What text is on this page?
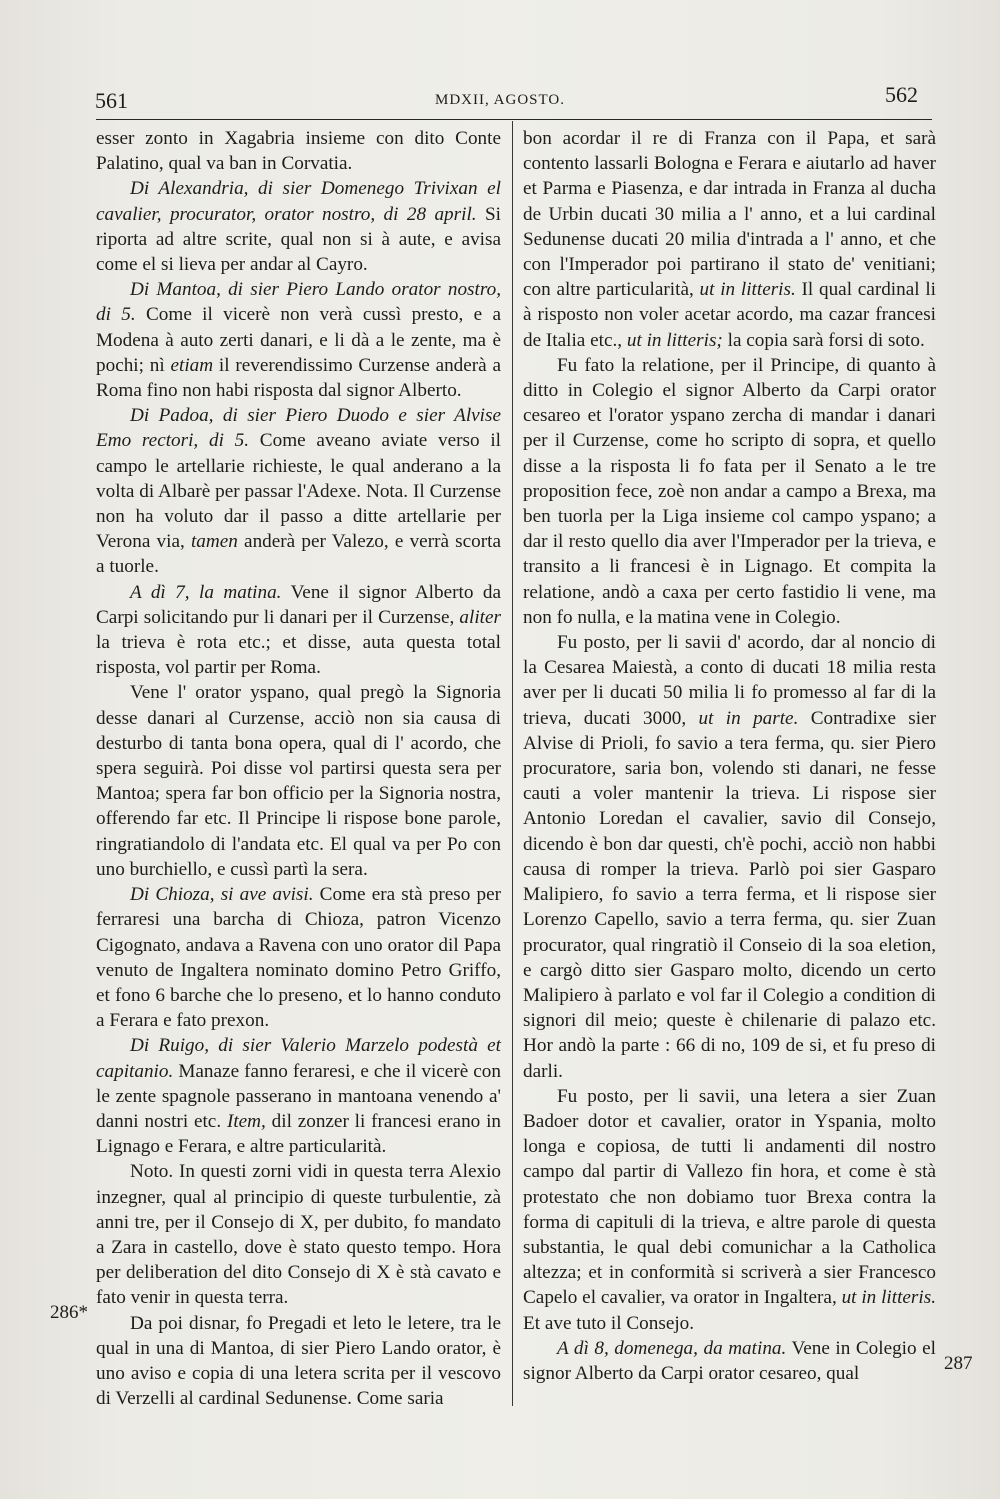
561	MDXII, AGOSTO.	562

esser zonto in Xagabria insieme con dito Conte Palatino, qual va ban in Corvatia.

Di Alexandria, di sier Domenego Trivixan el cavalier, procurator, orator nostro, di 28 april. Si riporta ad altre scrite, qual non si à aute, e avisa come el si lieva per andar al Cayro.

Di Mantoa, di sier Piero Lando orator nostro, di 5. Come il vicerè non verà cussì presto, e a Modena à auto zerti danari, e li dà a le zente, ma è pochi; nì etiam il reverendissimo Curzense anderà a Roma fino non habi risposta dal signor Alberto.

Di Padoa, di sier Piero Duodo e sier Alvise Emo rectori, di 5. Come aveano aviate verso il campo le artellarie richieste, le qual anderano a la volta di Albarè per passar l'Adexe. Nota. Il Curzense non ha voluto dar il passo a ditte artellarie per Verona via, tamen anderà per Valezo, e verrà scorta a tuorle.

A dì 7, la matina. Vene il signor Alberto da Carpi solicitando pur li danari per il Curzense, aliter la trieva è rota etc.; et disse, auta questa total risposta, vol partir per Roma.

Vene l' orator yspano, qual pregò la Signoria desse danari al Curzense, acciò non sia causa di desturbo di tanta bona opera, qual di l' acordo, che spera seguirà. Poi disse vol partirsi questa sera per Mantoa; spera far bon officio per la Signoria nostra, offerendo far etc. Il Principe li rispose bone parole, ringratiandolo di l'andata etc. El qual va per Po con uno burchiello, e cussì partì la sera.

Di Chioza, si ave avisi. Come era stà preso per ferraresi una barcha di Chioza, patron Vicenzo Cigognato, andava a Ravena con uno orator dil Papa venuto de Ingaltera nominato domino Petro Griffo, et fono 6 barche che lo preseno, et lo hanno conduto a Ferara e fato prexon.

Di Ruigo, di sier Valerio Marzelo podestà et capitanio. Manaze fanno feraresi, e che il vicerè con le zente spagnole passerano in mantoana venendo a' danni nostri etc. Item, dil zonzer li francesi erano in Lignago e Ferara, e altre particularità.

Noto. In questi zorni vidi in questa terra Alexio inzegner, qual al principio di queste turbulentie, zà anni tre, per il Consejo di X, per dubito, fo mandato a Zara in castello, dove è stato questo tempo. Hora per deliberation del dito Consejo di X è stà cavato e fato venir in questa terra.

Da poi disnar, fo Pregadi et leto le letere, tra le qual in una di Mantoa, di sier Piero Lando orator, è uno aviso e copia di una letera scrita per il vescovo di Verzelli al cardinal Sedunense. Come saria

bon acordar il re di Franza con il Papa, et sarà contento lassarli Bologna e Ferara e aiutarlo ad haver et Parma e Piasenza, e dar intrada in Franza al ducha de Urbin ducati 30 milia a l' anno, et a lui cardinal Sedunense ducati 20 milia d'intrada a l' anno, et che con l'Imperador poi partirano il stato de' venitiani; con altre particularità, ut in litteris. Il qual cardinal li à risposto non voler acetar acordo, ma cazar francesi de Italia etc., ut in litteris; la copia sarà forsi di soto.

Fu fato la relatione, per il Principe, di quanto à ditto in Colegio el signor Alberto da Carpi orator cesareo et l'orator yspano zercha di mandar i danari per il Curzense, come ho scripto di sopra, et quello disse a la risposta li fo fata per il Senato a le tre proposition fece, zoè non andar a campo a Brexa, ma ben tuorla per la Liga insieme col campo yspano; a dar il resto quello dia aver l'Imperador per la trieva, e transito a li francesi è in Lignago. Et compita la relatione, andò a caxa per certo fastidio li vene, ma non fo nulla, e la matina vene in Colegio.

Fu posto, per li savii d' acordo, dar al noncio di la Cesarea Maiestà, a conto di ducati 18 milia resta aver per li ducati 50 milia li fo promesso al far di la trieva, ducati 3000, ut in parte. Contradixe sier Alvise di Prioli, fo savio a tera ferma, qu. sier Piero procuratore, saria bon, volendo sti danari, ne fesse cauti a voler mantenir la trieva. Li rispose sier Antonio Loredan el cavalier, savio dil Consejo, dicendo è bon dar questi, ch'è pochi, acciò non habbi causa di romper la trieva. Parlò poi sier Gasparo Malipiero, fo savio a terra ferma, et li rispose sier Lorenzo Capello, savio a terra ferma, qu. sier Zuan procurator, qual ringratiò il Conseio di la soa eletion, e cargò ditto sier Gasparo molto, dicendo un certo Malipiero à parlato e vol far il Colegio a condition di signori dil meio; queste è chilenarie di palazo etc. Hor andò la parte : 66 di no, 109 de si, et fu preso di darli.

Fu posto, per li savii, una letera a sier Zuan Badoer dotor et cavalier, orator in Yspania, molto longa e copiosa, de tutti li andamenti dil nostro campo dal partir di Vallezo fin hora, et come è stà protestato che non dobiamo tuor Brexa contra la forma di capituli di la trieva, e altre parole di questa substantia, le qual debi comunichar a la Catholica altezza; et in conformità si scriverà a sier Francesco Capelo el cavalier, va orator in Ingaltera, ut in litteris. Et ave tuto il Consejo.

A dì 8, domenega, da matina. Vene in Colegio el signor Alberto da Carpi orator cesareo, qual

286*
287
